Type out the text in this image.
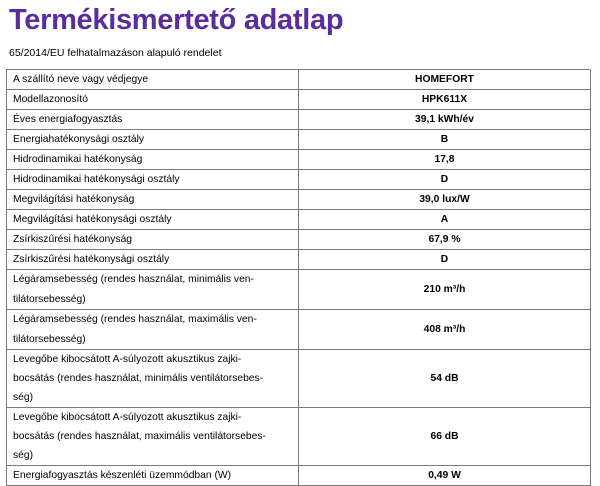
Termékismertető adatlap

65/2014/EU felhatalmazáson alapuló rendelet

A szállító neve vagy védjegye	HOMEFORT

Modellazonosító	HPK611X

Éves energiafogyasztás	39,1 kWh/év

Energiahatékonysági osztály	B

Hidrodinamikai hatékonyság	17,8

Hidrodinamikai hatékonysági osztály	D

Megvilágítási hatékonyság	39,0 lux/W

Megvilágítási hatékonysági osztály	A

Zsírkiszűrési hatékonyság	67,9 %

Zsírkiszűrési hatékonysági osztály	D

Légáramsebesség (rendes használat, minimális ven-
tilátorsebesség)	210 m³/h

Légáramsebesség (rendes használat, maximális ven-
tilátorsebesség)	408 m³/h

Levegőbe kibocsátott A-súlyozott akusztikus zajki-
bocsátás (rendes használat, minimális ventilátorsebes-
ség)	54 dB

Levegőbe kibocsátott A-súlyozott akusztikus zajki-
bocsátás (rendes használat, maximális ventilátorsebes-
ség)	66 dB

Energiafogyasztás készenléti üzemmódban (W)	0,49 W
